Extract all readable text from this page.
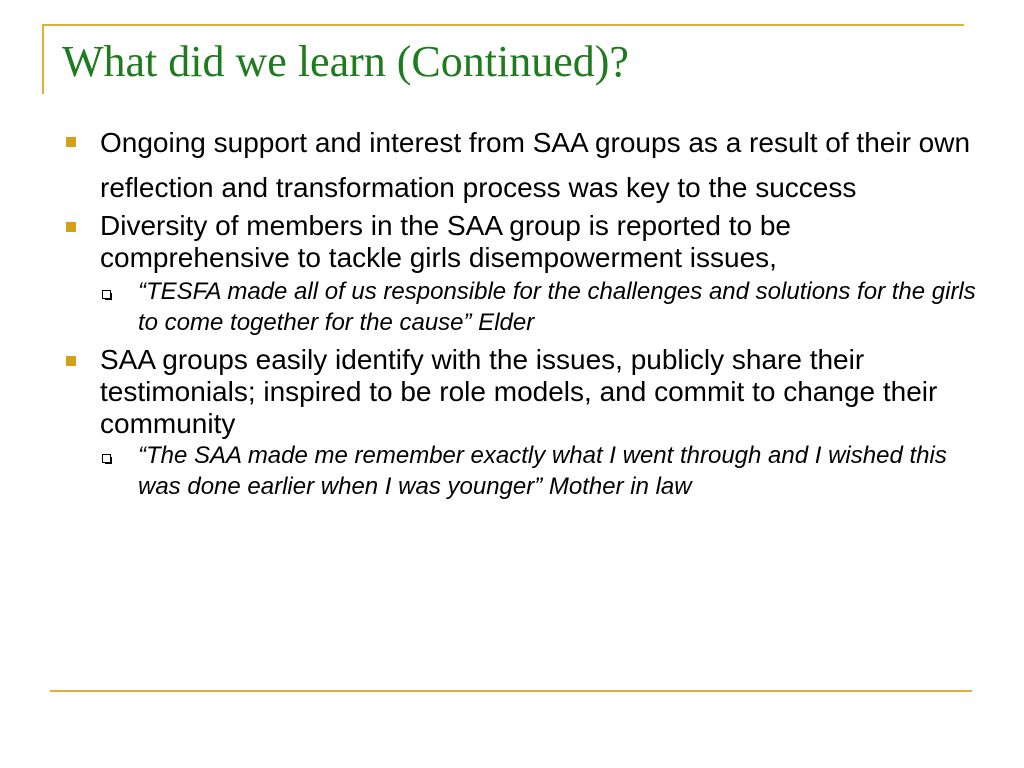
What did we learn (Continued)?
Ongoing support and interest from SAA groups as a result of their own reflection and transformation process was key to the success
Diversity of members in the SAA group is reported to be comprehensive to tackle girls disempowerment issues,
“TESFA made all of us responsible for the challenges and solutions for the girls to come together for the cause” Elder
SAA groups easily identify with the issues, publicly share their testimonials; inspired to be role models, and commit to change their community
“The SAA made me remember exactly what I went through and I wished this was done earlier when I was younger” Mother in law
